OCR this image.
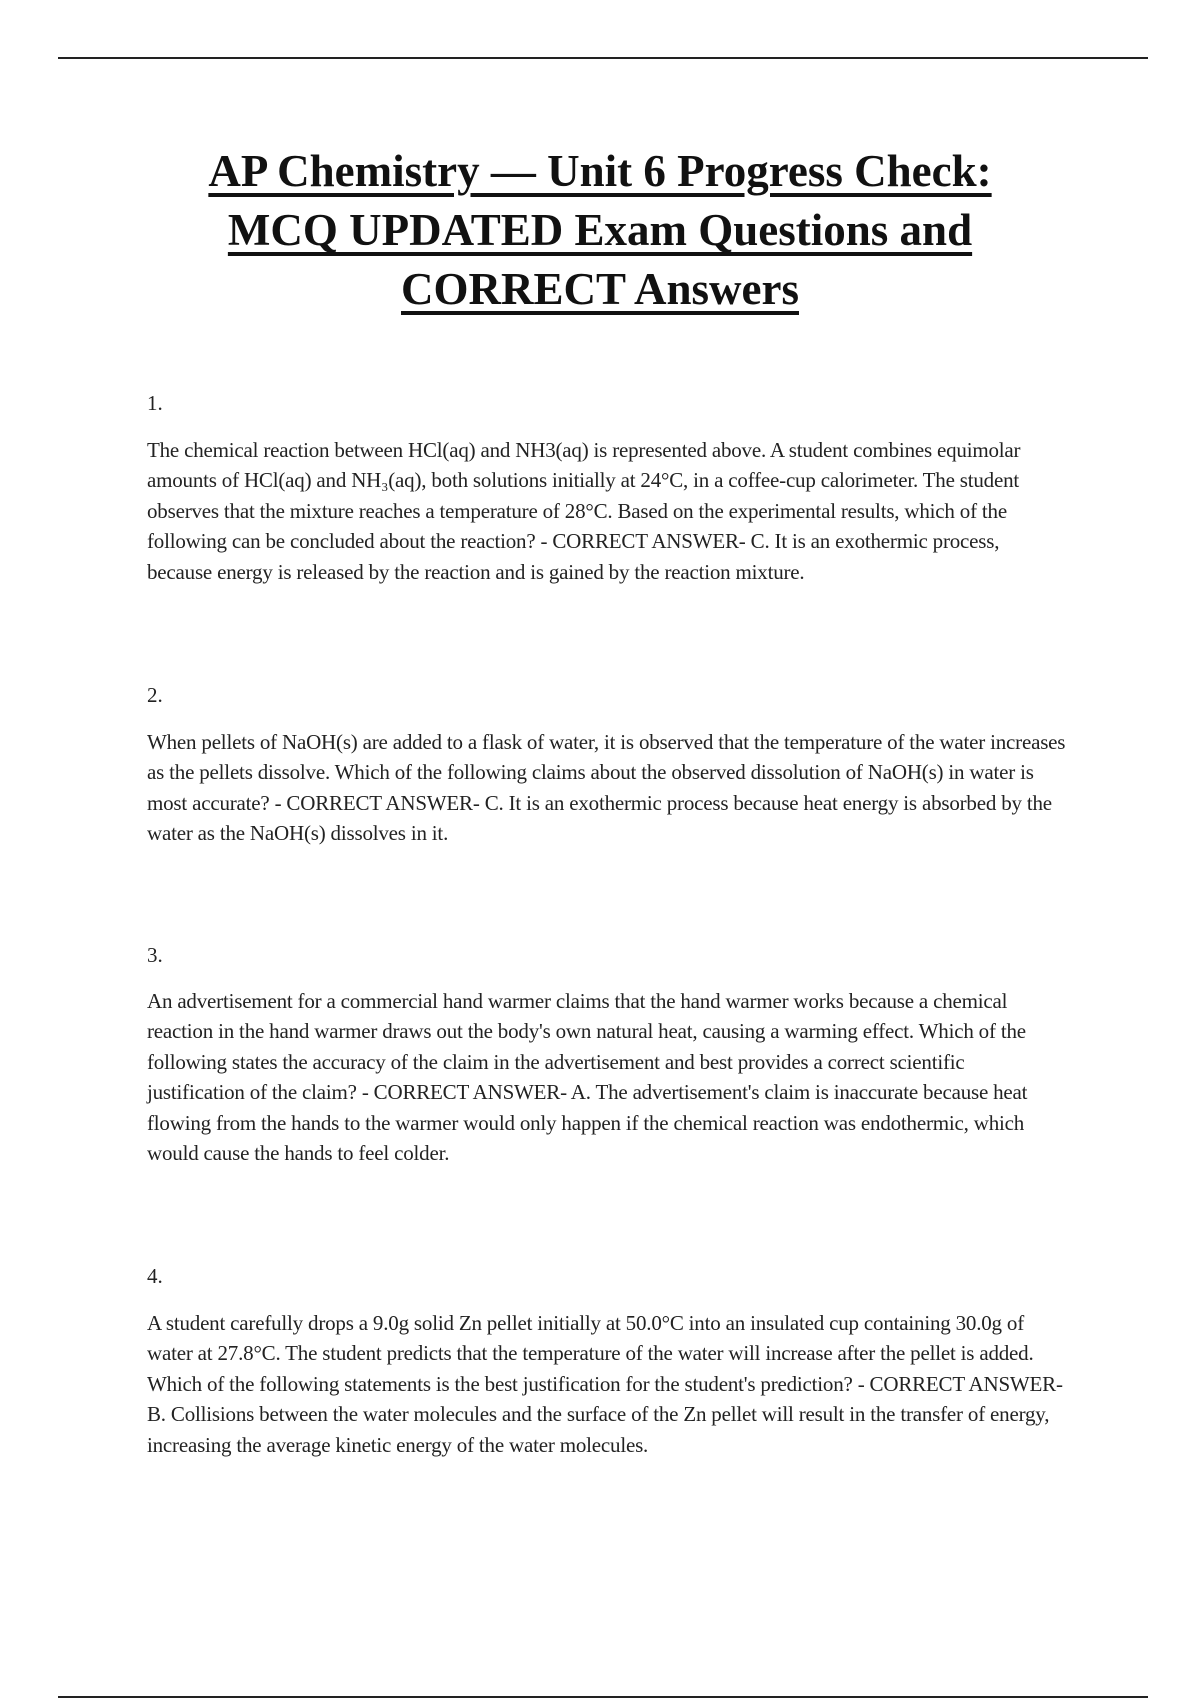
AP Chemistry — Unit 6 Progress Check:
MCQ UPDATED Exam Questions and
CORRECT Answers
1.
The chemical reaction between HCl(aq) and NH3(aq) is represented above. A student combines equimolar amounts of HCl(aq) and NH₃(aq), both solutions initially at 24°C, in a coffee-cup calorimeter. The student observes that the mixture reaches a temperature of 28°C. Based on the experimental results, which of the following can be concluded about the reaction? - CORRECT ANSWER- C. It is an exothermic process, because energy is released by the reaction and is gained by the reaction mixture.
2.
When pellets of NaOH(s) are added to a flask of water, it is observed that the temperature of the water increases as the pellets dissolve. Which of the following claims about the observed dissolution of NaOH(s) in water is most accurate? - CORRECT ANSWER- C. It is an exothermic process because heat energy is absorbed by the water as the NaOH(s) dissolves in it.
3.
An advertisement for a commercial hand warmer claims that the hand warmer works because a chemical reaction in the hand warmer draws out the body's own natural heat, causing a warming effect. Which of the following states the accuracy of the claim in the advertisement and best provides a correct scientific justification of the claim? - CORRECT ANSWER- A. The advertisement's claim is inaccurate because heat flowing from the hands to the warmer would only happen if the chemical reaction was endothermic, which would cause the hands to feel colder.
4.
A student carefully drops a 9.0g solid Zn pellet initially at 50.0°C into an insulated cup containing 30.0g of water at 27.8°C. The student predicts that the temperature of the water will increase after the pellet is added. Which of the following statements is the best justification for the student's prediction? - CORRECT ANSWER- B. Collisions between the water molecules and the surface of the Zn pellet will result in the transfer of energy, increasing the average kinetic energy of the water molecules.
